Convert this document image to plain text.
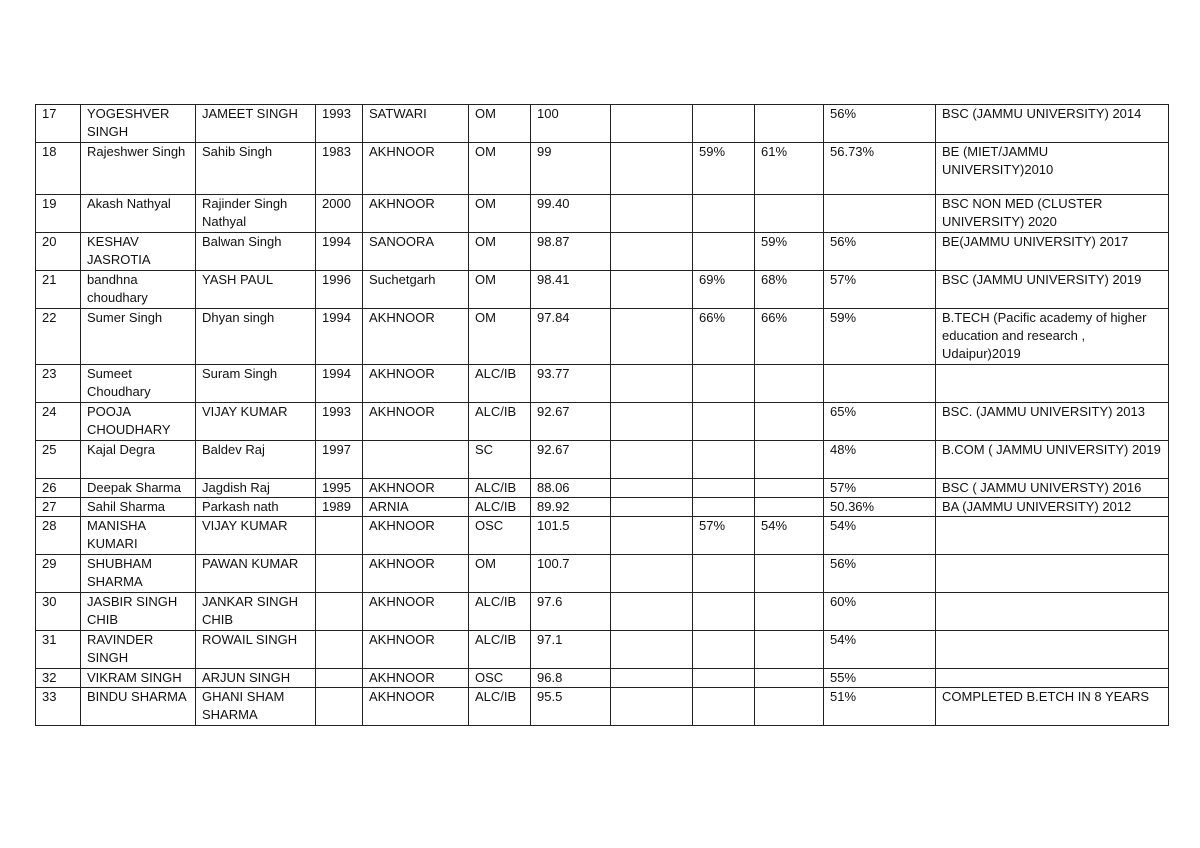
17	YOGESHVER SINGH	JAMEET SINGH	1993	SATWARI	OM	100				56%	BSC (JAMMU UNIVERSITY) 2014
18	Rajeshwer Singh	Sahib Singh	1983	AKHNOOR	OM	99		59%	61%	56.73%	BE (MIET/JAMMU UNIVERSITY)2010
19	Akash Nathyal	Rajinder Singh Nathyal	2000	AKHNOOR	OM	99.40					BSC NON MED (CLUSTER UNIVERSITY) 2020
20	KESHAV JASROTIA	Balwan Singh	1994	SANOORA	OM	98.87			59%	56%	BE(JAMMU UNIVERSITY) 2017
21	bandhna choudhary	YASH PAUL	1996	Suchetgarh	OM	98.41		69%	68%	57%	BSC (JAMMU UNIVERSITY) 2019
22	Sumer Singh	Dhyan singh	1994	AKHNOOR	OM	97.84		66%	66%	59%	B.TECH (Pacific academy of higher education and research , Udaipur)2019
23	Sumeet Choudhary	Suram Singh	1994	AKHNOOR	ALC/IB	93.77					
24	POOJA CHOUDHARY	VIJAY KUMAR	1993	AKHNOOR	ALC/IB	92.67				65%	BSC. (JAMMU UNIVERSITY) 2013
25	Kajal Degra	Baldev Raj	1997		SC	92.67				48%	B.COM ( JAMMU UNIVERSITY) 2019
26	Deepak Sharma	Jagdish Raj	1995	AKHNOOR	ALC/IB	88.06				57%	BSC ( JAMMU UNIVERSTY) 2016
27	Sahil Sharma	Parkash nath	1989	ARNIA	ALC/IB	89.92				50.36%	BA (JAMMU UNIVERSITY) 2012
28	MANISHA KUMARI	VIJAY KUMAR		AKHNOOR	OSC	101.5		57%	54%	54%	
29	SHUBHAM SHARMA	PAWAN KUMAR		AKHNOOR	OM	100.7				56%	
30	JASBIR SINGH CHIB	JANKAR SINGH CHIB		AKHNOOR	ALC/IB	97.6				60%	
31	RAVINDER SINGH	ROWAIL SINGH		AKHNOOR	ALC/IB	97.1				54%	
32	VIKRAM SINGH	ARJUN SINGH		AKHNOOR	OSC	96.8				55%	
33	BINDU SHARMA	GHANI SHAM SHARMA		AKHNOOR	ALC/IB	95.5				51%	COMPLETED B.ETCH IN 8 YEARS
